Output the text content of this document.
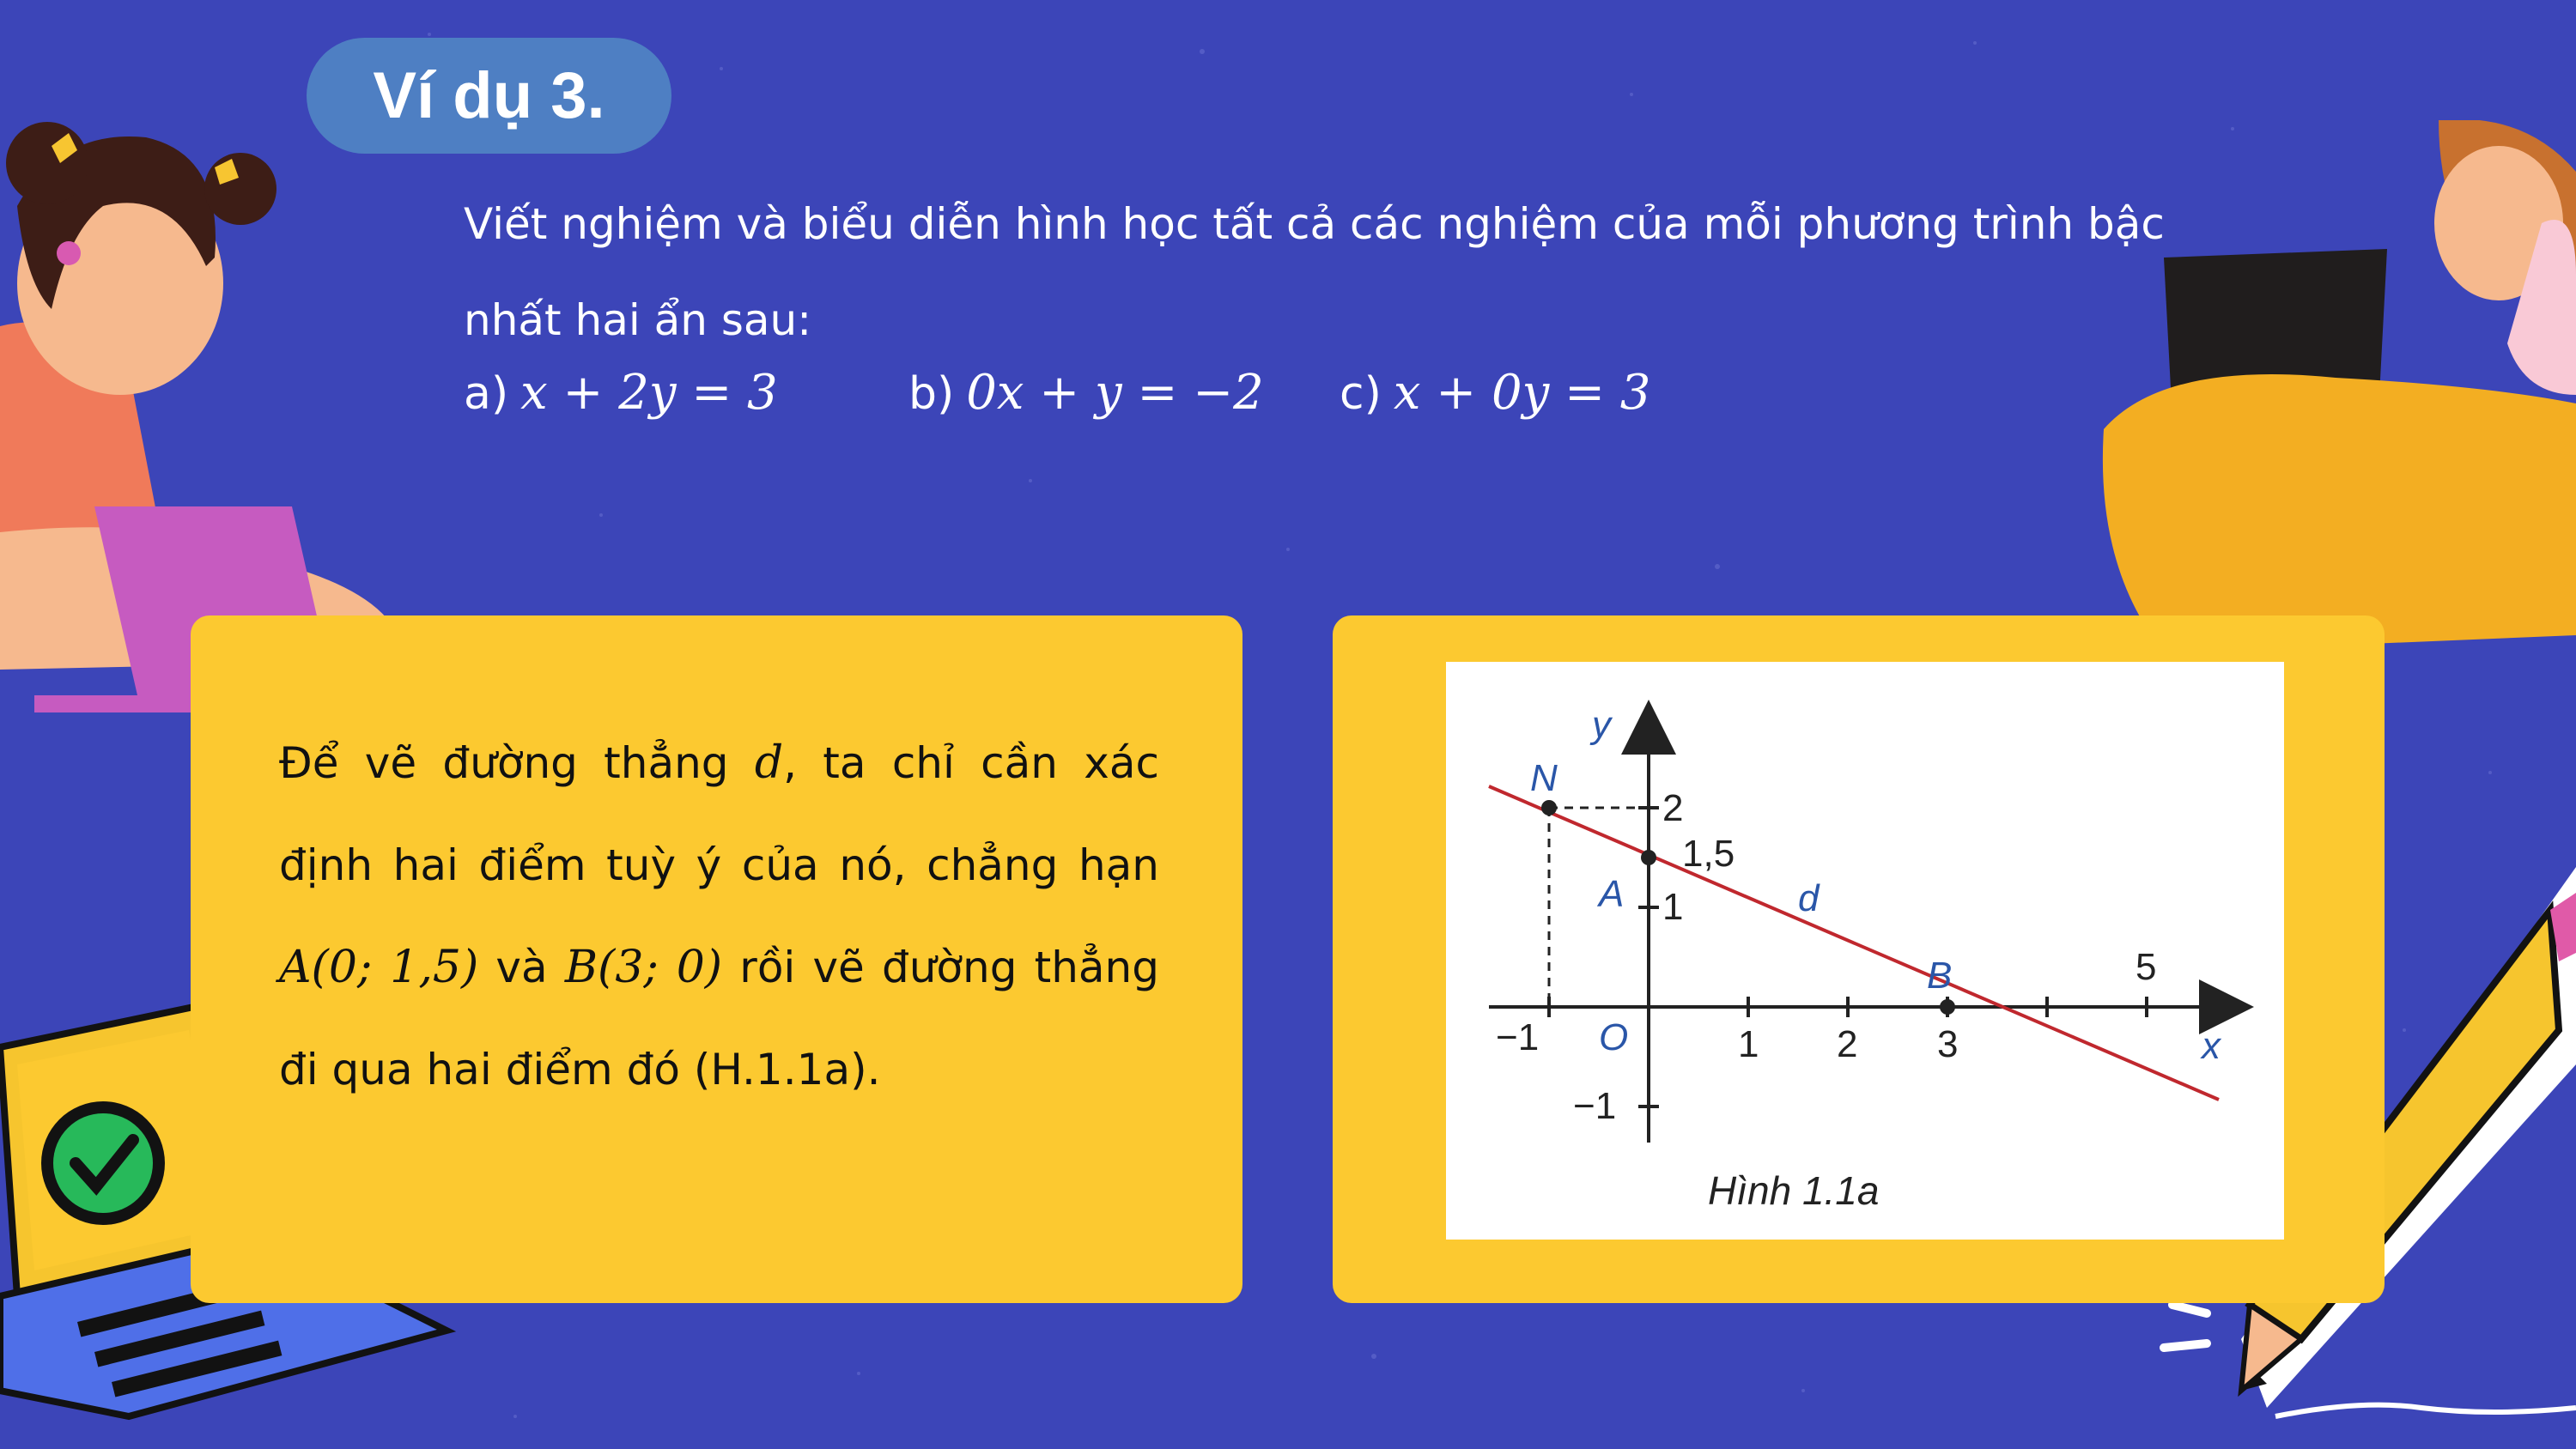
Ví dụ 3.

Viết nghiệm và biểu diễn hình học tất cả các nghiệm của mỗi phương trình bậc

nhất hai ẩn sau:

a) x + 2y = 3	b) 0x + y = −2 c) x + 0y = 3
Để vẽ đường thẳng d, ta chỉ cần xác định hai điểm tuỳ ý của nó, chẳng hạn A(0; 1,5) và B(3; 0) rồi vẽ đường thẳng đi qua hai điểm đó (H.1.1a).
y
x
O
N
A
B
d
−1	1 2 3
5
2
1,5
1
−1
Hình 1.1a
